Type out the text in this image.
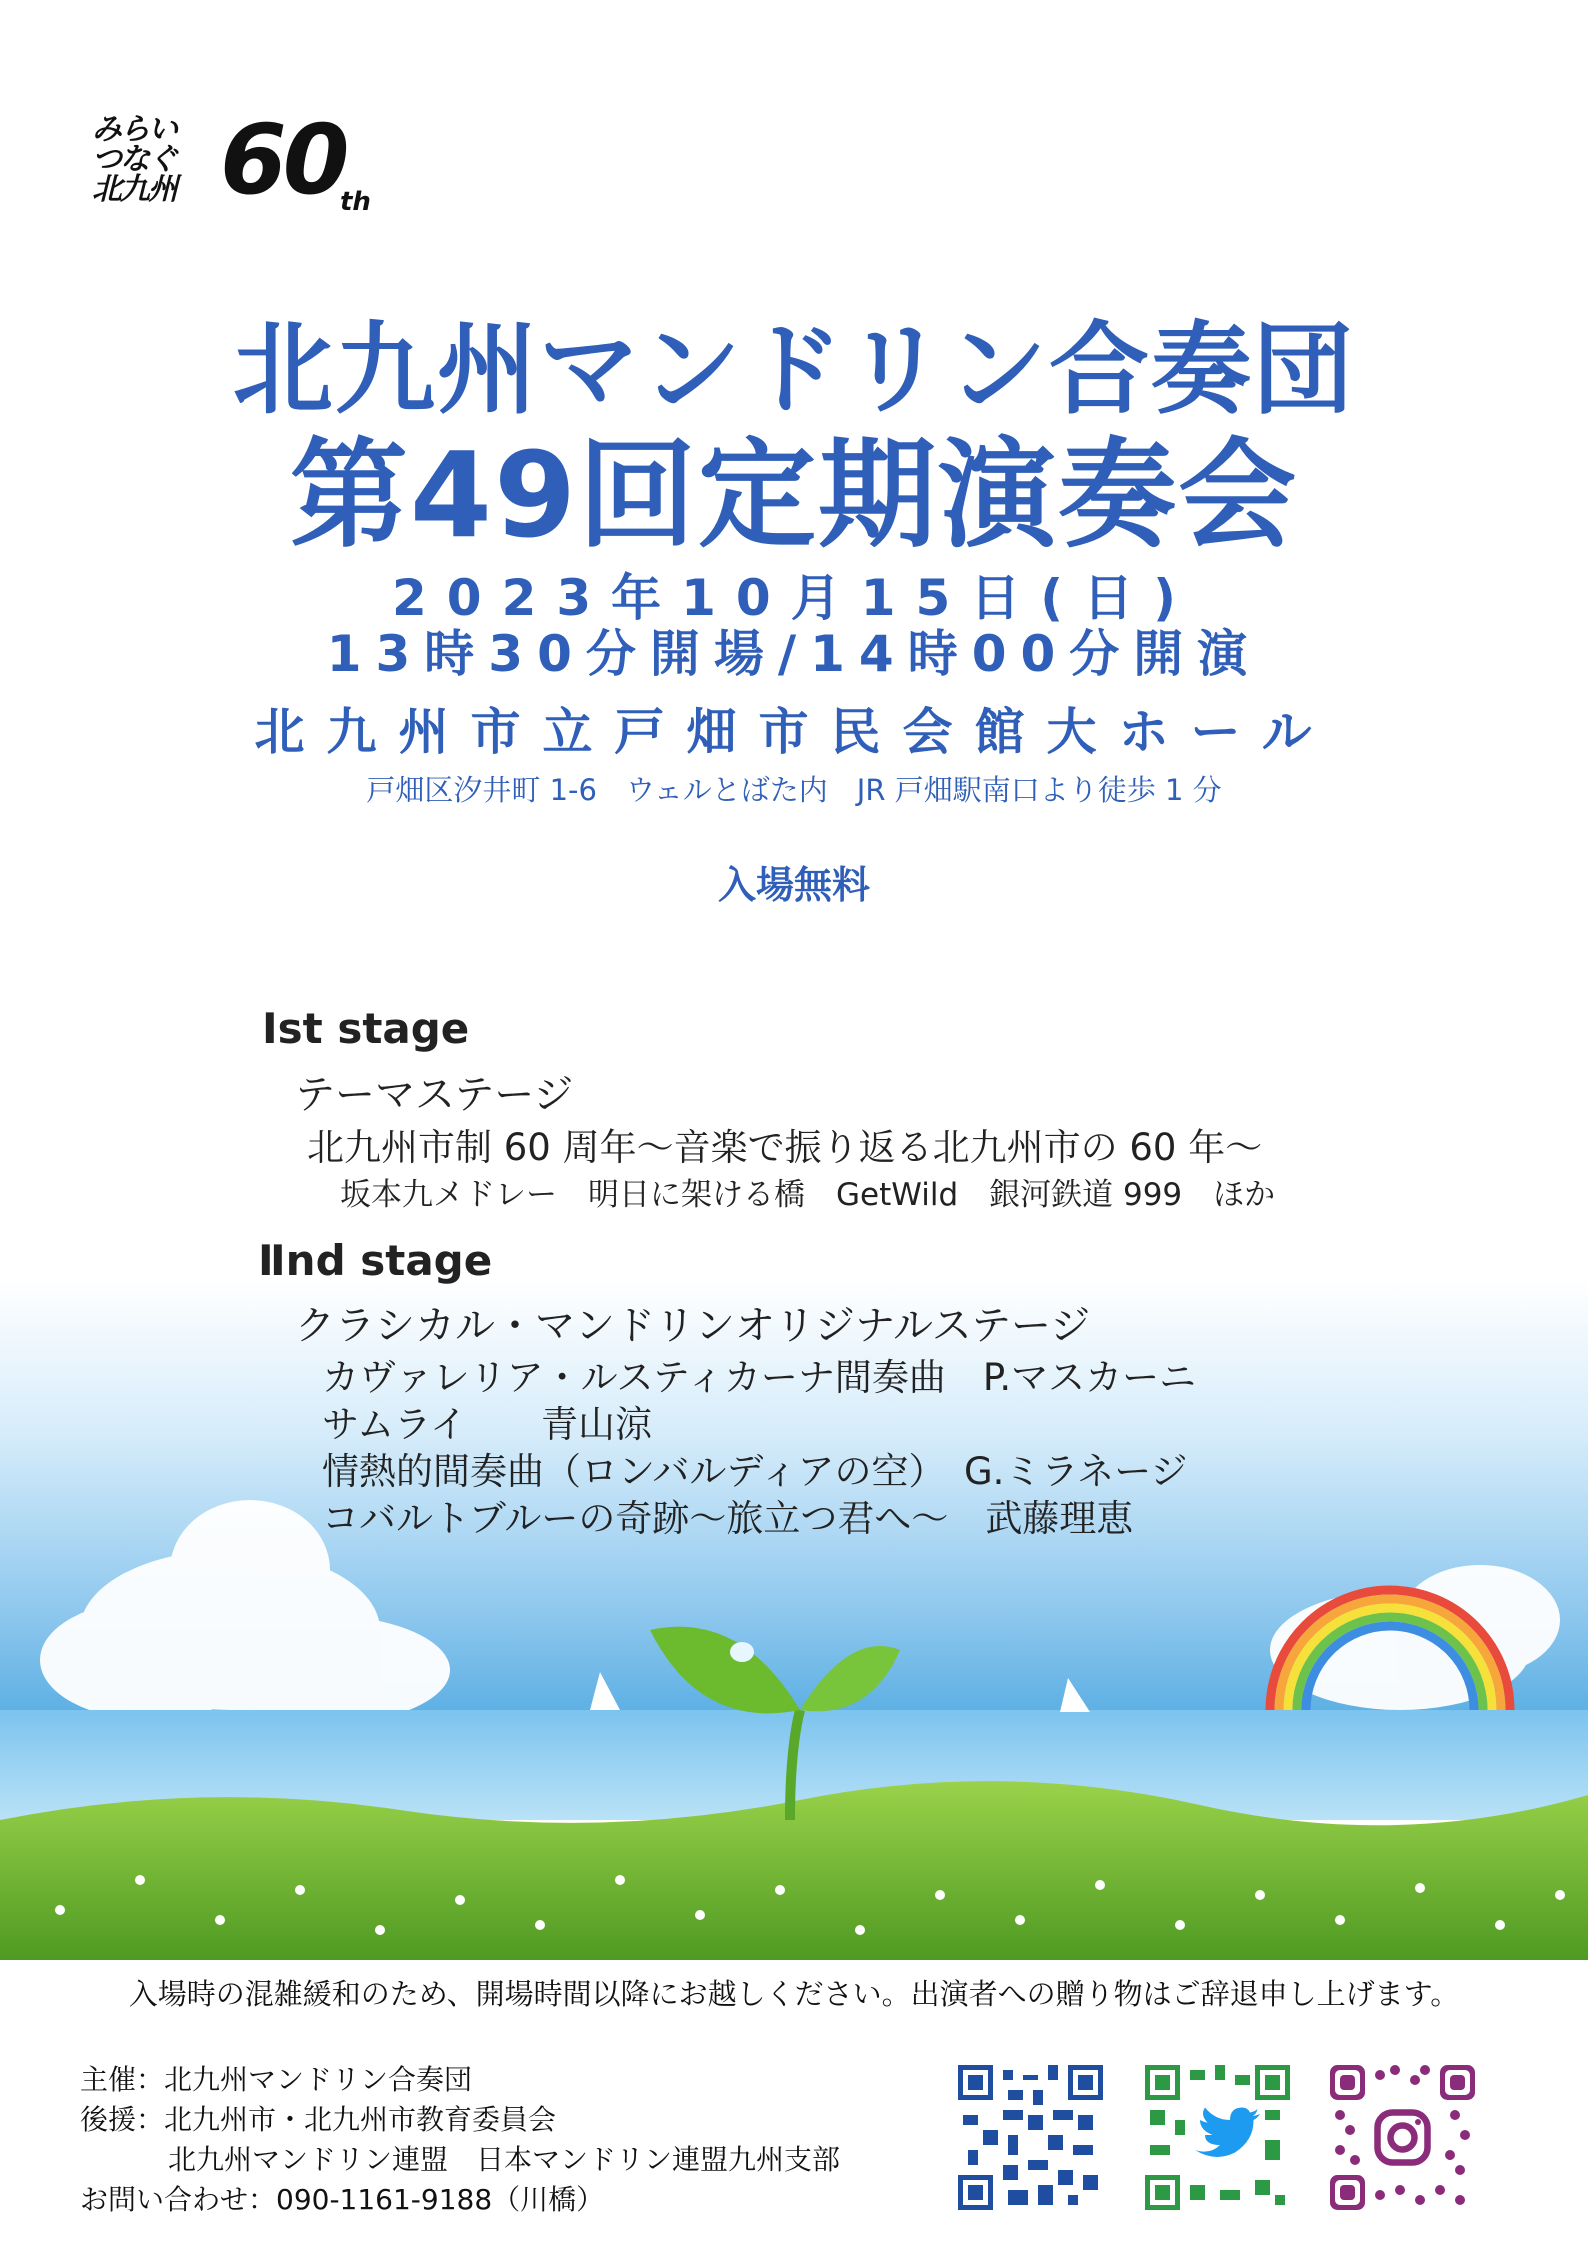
みらい
つなぐ
北九州 60
th
北九州マンドリン合奏団
第49回定期演奏会
2023年10月15日(日)
13時30分開場/14時00分開演
北九州市立戸畑市民会館大ホール
戸畑区汐井町 1-6　ウェルとばた内　JR 戸畑駅南口より徒歩 1 分
入場無料
Ⅰst stage
テーマステージ
北九州市制 60 周年～音楽で振り返る北九州市の 60 年～
坂本九メドレー　明日に架ける橋　GetWild　銀河鉄道 999　ほか
Ⅱnd stage
クラシカル・マンドリンオリジナルステージ
カヴァレリア・ルスティカーナ間奏曲　P.マスカーニ
サムライ　　青山涼
情熱的間奏曲（ロンバルディアの空）　G.ミラネージ
コバルトブルーの奇跡～旅立つ君へ～　武藤理恵
入場時の混雑緩和のため、開場時間以降にお越しください。出演者への贈り物はご辞退申し上げます。
主催：北九州マンドリン合奏団
後援：北九州市・北九州市教育委員会
北九州マンドリン連盟　日本マンドリン連盟九州支部
お問い合わせ：090-1161-9188（川橋）
